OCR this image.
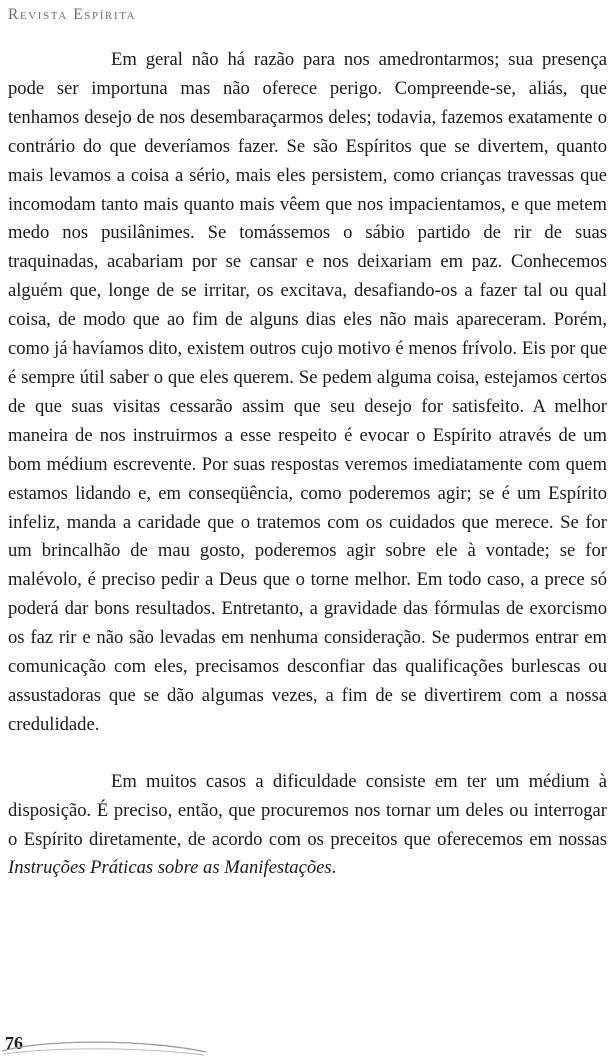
Revista Espírita

Em geral não há razão para nos amedrontarmos; sua presença pode ser importuna mas não oferece perigo. Compreende-se, aliás, que tenhamos desejo de nos desembaraçarmos deles; todavia, fazemos exatamente o contrário do que deveríamos fazer. Se são Espíritos que se divertem, quanto mais levamos a coisa a sério, mais eles persistem, como crianças travessas que incomodam tanto mais quanto mais vêem que nos impacientamos, e que metem medo nos pusilânimes. Se tomássemos o sábio partido de rir de suas traquinadas, acabariam por se cansar e nos deixariam em paz. Conhecemos alguém que, longe de se irritar, os excitava, desafiando-os a fazer tal ou qual coisa, de modo que ao fim de alguns dias eles não mais apareceram. Porém, como já havíamos dito, existem outros cujo motivo é menos frívolo. Eis por que é sempre útil saber o que eles querem. Se pedem alguma coisa, estejamos certos de que suas visitas cessarão assim que seu desejo for satisfeito. A melhor maneira de nos instruirmos a esse respeito é evocar o Espírito através de um bom médium escrevente. Por suas respostas veremos imediatamente com quem estamos lidando e, em conseqüência, como poderemos agir; se é um Espírito infeliz, manda a caridade que o tratemos com os cuidados que merece. Se for um brincalhão de mau gosto, poderemos agir sobre ele à vontade; se for malévolo, é preciso pedir a Deus que o torne melhor. Em todo caso, a prece só poderá dar bons resultados. Entretanto, a gravidade das fórmulas de exorcismo os faz rir e não são levadas em nenhuma consideração. Se pudermos entrar em comunicação com eles, precisamos desconfiar das qualificações burlescas ou assustadoras que se dão algumas vezes, a fim de se divertirem com a nossa credulidade.

Em muitos casos a dificuldade consiste em ter um médium à disposição. É preciso, então, que procuremos nos tornar um deles ou interrogar o Espírito diretamente, de acordo com os preceitos que oferecemos em nossas Instruções Práticas sobre as Manifestações.

76
